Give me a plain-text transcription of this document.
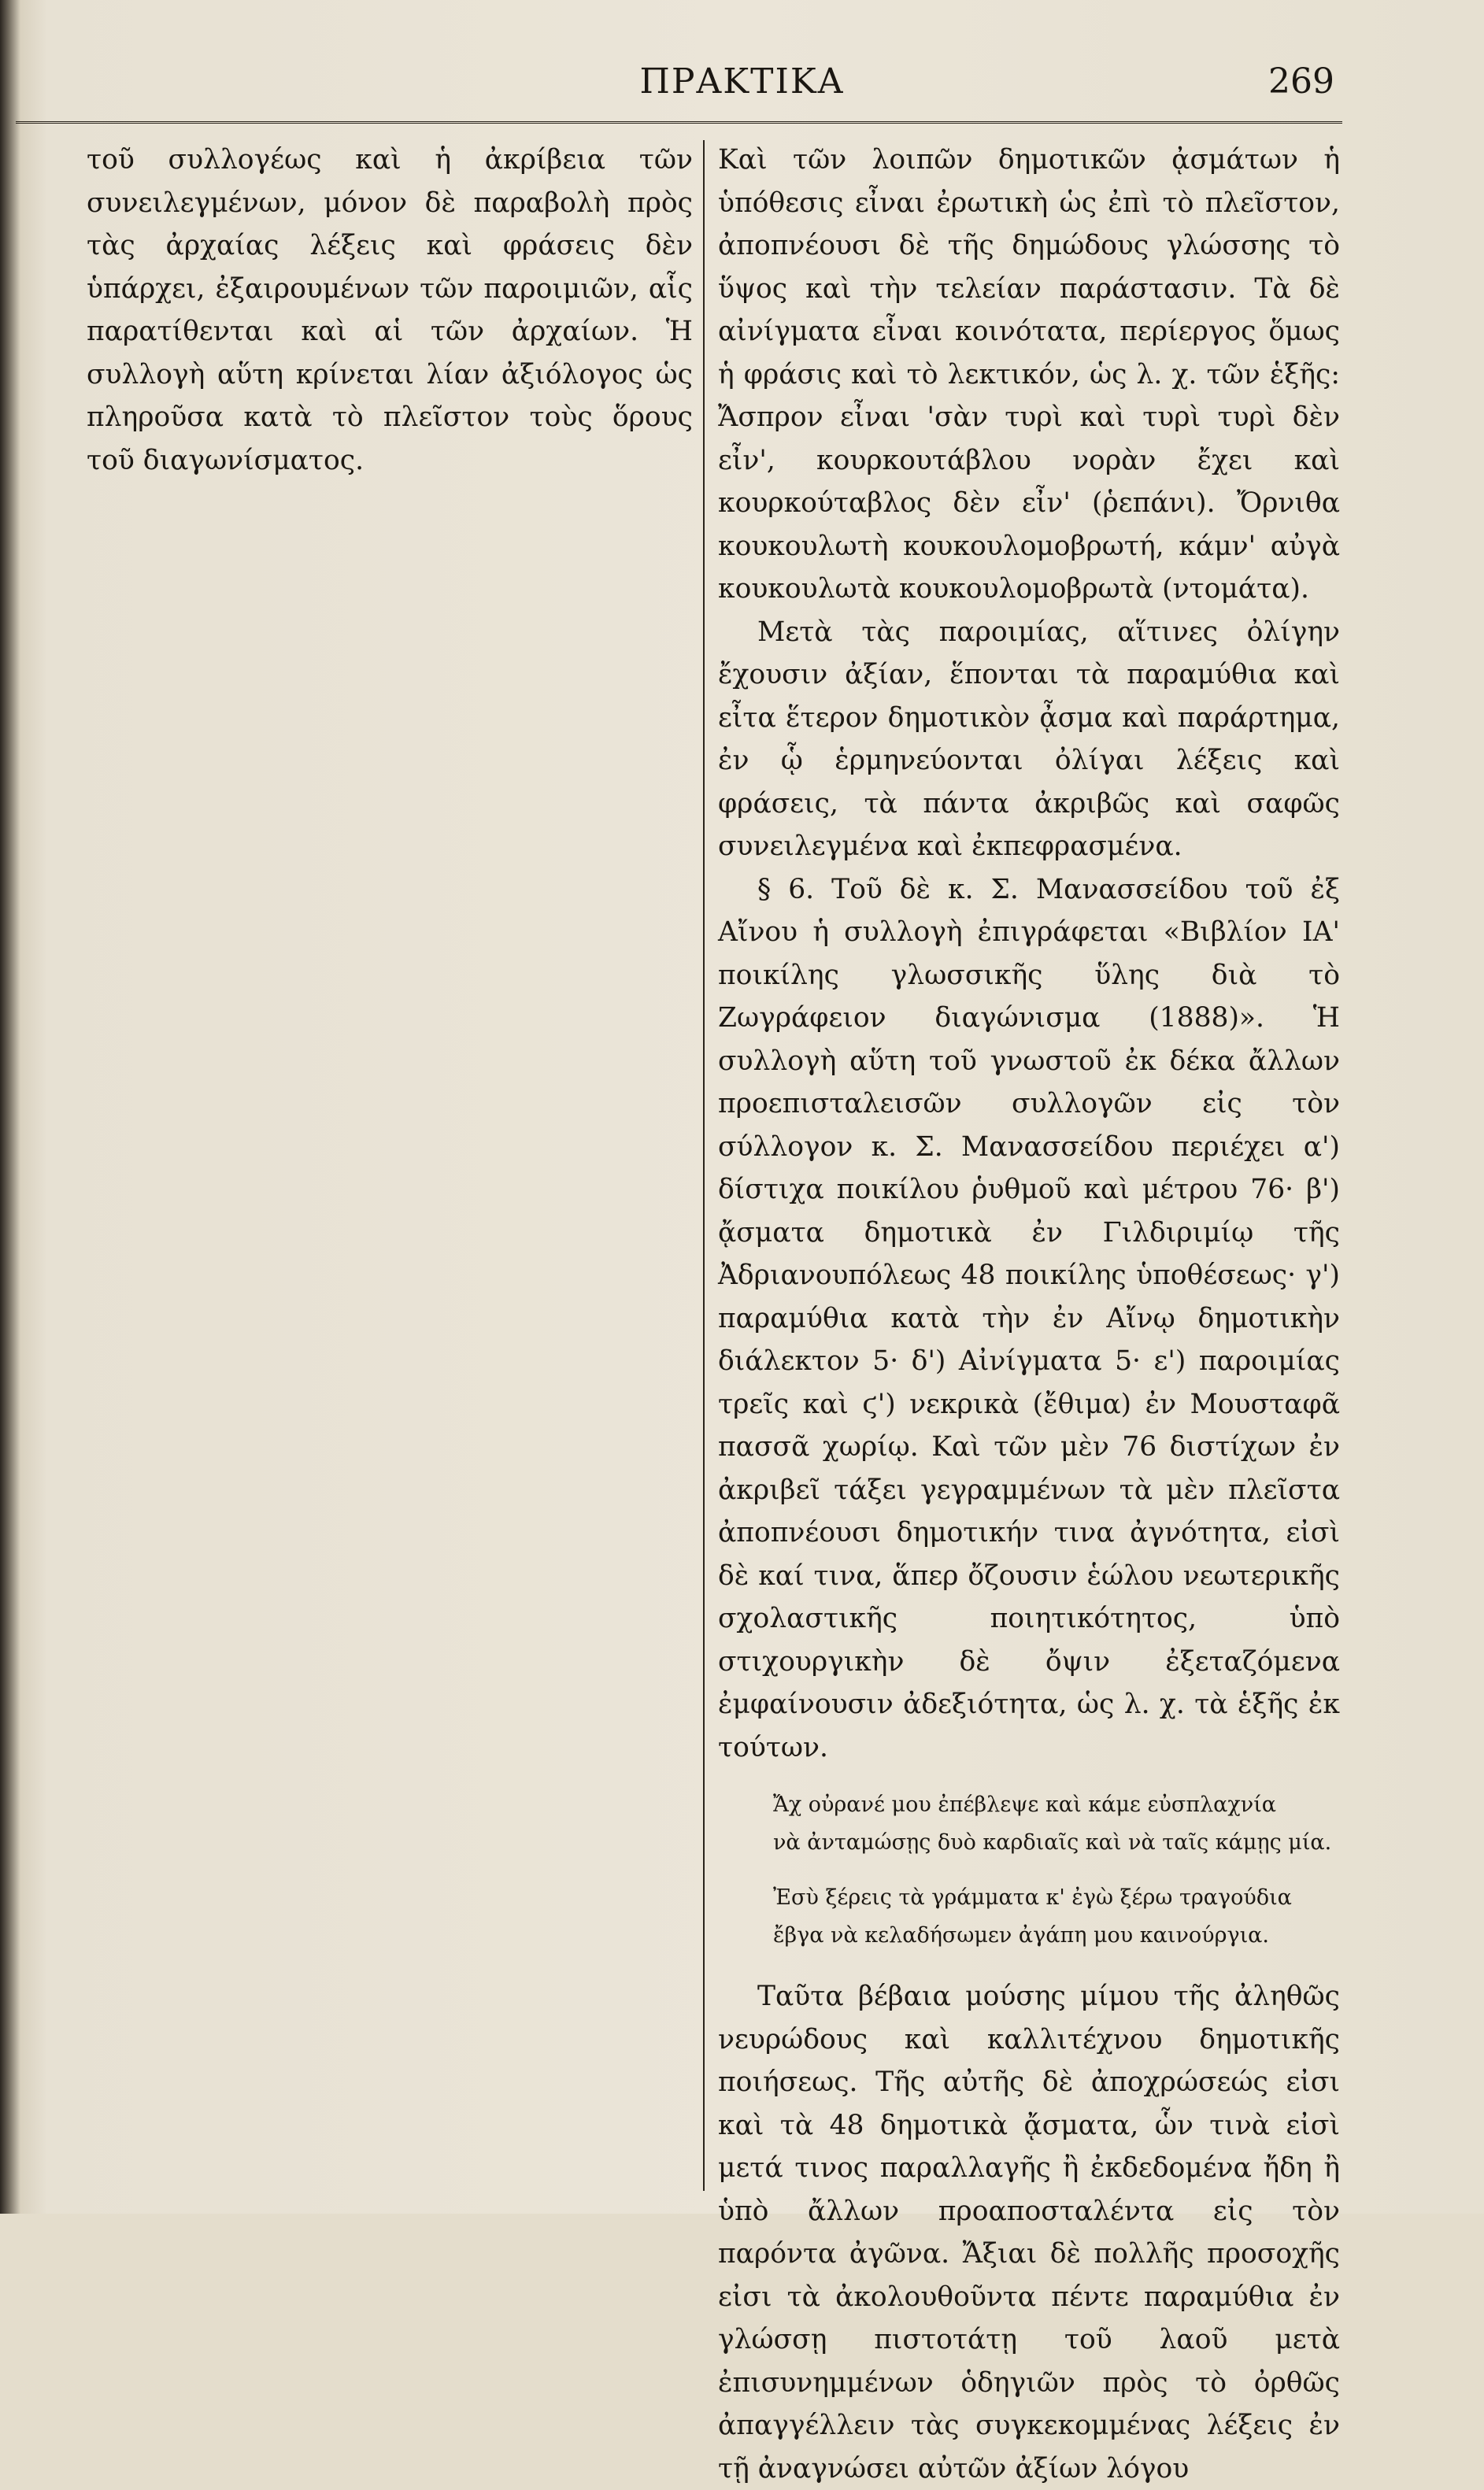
ΠΡΑΚΤΙΚΑ	269

τοῦ συλλογέως καὶ ἡ ἀκρίβεια τῶν συνειλεγμένων, μόνον δὲ παραβολὴ πρὸς τὰς ἀρχαίας λέξεις καὶ φράσεις δὲν ὑπάρχει, ἐξαιρουμένων τῶν παροιμιῶν, αἷς παρατίθενται καὶ αἱ τῶν ἀρχαίων. Ἡ συλλογὴ αὕτη κρίνεται λίαν ἀξιόλογος ὡς πληροῦσα κατὰ τὸ πλεῖστον τοὺς ὅρους τοῦ διαγωνίσματος.

Καὶ τῶν λοιπῶν δημοτικῶν ᾀσμάτων ἡ ὑπόθεσις εἶναι ἐρωτικὴ ὡς ἐπὶ τὸ πλεῖστον, ἀποπνέουσι δὲ τῆς δημώδους γλώσσης τὸ ὕψος καὶ τὴν τελείαν παράστασιν. Τὰ δὲ αἰνίγματα εἶναι κοινότατα, περίεργος ὅμως ἡ φράσις καὶ τὸ λεκτικόν, ὡς λ. χ. τῶν ἑξῆς: Ἄσπρον εἶναι 'σὰν τυρὶ καὶ τυρὶ τυρὶ δὲν εἶν', κουρκουτάβλου νορὰν ἔχει καὶ κουρκούταβλος δὲν εἶν' (ῥεπάνι). Ὄρνιθα κουκουλωτὴ κουκουλομοβρωτή, κάμν' αὐγὰ κουκουλωτὰ κουκουλομοβρωτὰ (ντομάτα).

Μετὰ τὰς παροιμίας, αἵτινες ὀλίγην ἔχουσιν ἀξίαν, ἕπονται τὰ παραμύθια καὶ εἶτα ἕτερον δημοτικὸν ᾆσμα καὶ παράρτημα, ἐν ᾧ ἑρμηνεύονται ὀλίγαι λέξεις καὶ φράσεις, τὰ πάντα ἀκριβῶς καὶ σαφῶς συνειλεγμένα καὶ ἐκπεφρασμένα.

§ 6. Τοῦ δὲ κ. Σ. Μανασσείδου τοῦ ἐξ Αἴνου ἡ συλλογὴ ἐπιγράφεται «Βιβλίον ΙΑ' ποικίλης γλωσσικῆς ὕλης διὰ τὸ Ζωγράφειον διαγώνισμα (1888)». Ἡ συλλογὴ αὕτη τοῦ γνωστοῦ ἐκ δέκα ἄλλων προεπισταλεισῶν συλλογῶν εἰς τὸν σύλλογον κ. Σ. Μανασσείδου περιέχει α') δίστιχα ποικίλου ῥυθμοῦ καὶ μέτρου 76· β') ᾄσματα δημοτικὰ ἐν Γιλδιριμίῳ τῆς Ἀδριανουπόλεως 48 ποικίλης ὑποθέσεως· γ') παραμύθια κατὰ τὴν ἐν Αἴνῳ δημοτικὴν διάλεκτον 5· δ') Αἰνίγματα 5· ε') παροιμίας τρεῖς καὶ ϛ') νεκρικὰ (ἔθιμα) ἐν Μουσταφᾶ πασσᾶ χωρίῳ. Καὶ τῶν μὲν 76 διστίχων ἐν ἀκριβεῖ τάξει γεγραμμένων τὰ μὲν πλεῖστα ἀποπνέουσι δημοτικήν τινα ἀγνότητα, εἰσὶ δὲ καί τινα, ἅπερ ὄζουσιν ἑώλου νεωτερικῆς σχολαστικῆς ποιητικότητος, ὑπὸ στιχουργικὴν δὲ ὄψιν ἐξεταζόμενα ἐμφαίνουσιν ἀδεξιότητα, ὡς λ. χ. τὰ ἑξῆς ἐκ τούτων.

Ἄχ οὐρανέ μου ἐπέβλεψε καὶ κάμε εὐσπλαχνία
νὰ ἀνταμώσῃς δυὸ καρδιαῖς καὶ νὰ ταῖς κάμῃς μία.
Ἐσὺ ξέρεις τὰ γράμματα κ' ἐγὼ ξέρω τραγούδια
ἔβγα νὰ κελαδήσωμεν ἀγάπη μου καινούργια.

Ταῦτα βέβαια μούσης μίμου τῆς ἀληθῶς νευρώδους καὶ καλλιτέχνου δημοτικῆς ποιήσεως. Τῆς αὐτῆς δὲ ἀποχρώσεώς εἰσι καὶ τὰ 48 δημοτικὰ ᾄσματα, ὧν τινὰ εἰσὶ μετά τινος παραλλαγῆς ἢ ἐκδεδομένα ἤδη ἢ ὑπὸ ἄλλων προαποσταλέντα εἰς τὸν παρόντα ἀγῶνα. Ἄξιαι δὲ πολλῆς προσοχῆς εἰσι τὰ ἀκολουθοῦντα πέντε παραμύθια ἐν γλώσσῃ πιστοτάτῃ τοῦ λαοῦ μετὰ ἐπισυνημμένων ὁδηγιῶν πρὸς τὸ ὀρθῶς ἀπαγγέλλειν τὰς συγκεκομμένας λέξεις ἐν τῇ ἀναγνώσει αὐτῶν ἀξίων λόγου
